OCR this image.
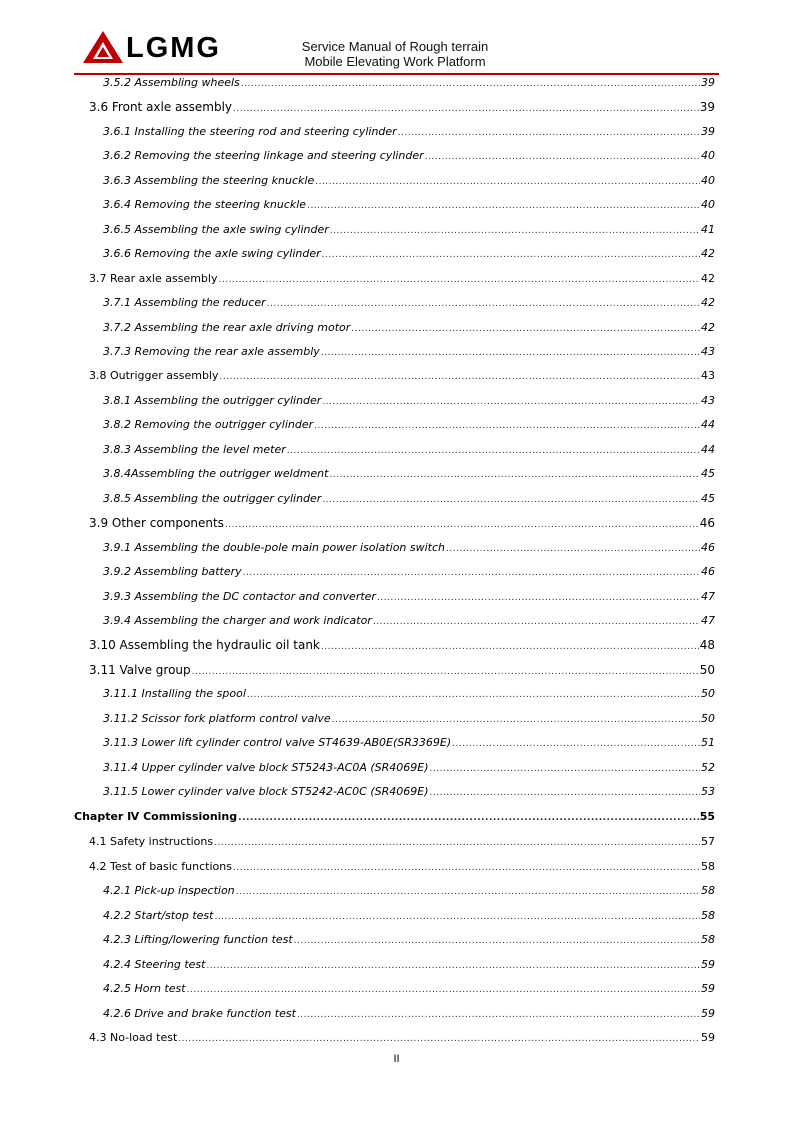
LGMG	Service Manual of Rough terrain
Mobile Elevating Work Platform
3.5.2 Assembling wheels .....	39
3.6 Front axle assembly .....	39
3.6.1 Installing the steering rod and steering cylinder .....	39
3.6.2 Removing the steering linkage and steering cylinder .....	40
3.6.3 Assembling the steering knuckle .....	40
3.6.4 Removing the steering knuckle .....	40
3.6.5 Assembling the axle swing cylinder .....	41
3.6.6 Removing the axle swing cylinder .....	42
3.7 Rear axle assembly .....	42
3.7.1 Assembling the reducer .....	42
3.7.2 Assembling the rear axle driving motor .....	42
3.7.3 Removing the rear axle assembly .....	43
3.8 Outrigger assembly .....	43
3.8.1 Assembling the outrigger cylinder .....	43
3.8.2 Removing the outrigger cylinder .....	44
3.8.3 Assembling the level meter .....	44
3.8.4Assembling the outrigger weldment .....	45
3.8.5 Assembling the outrigger cylinder .....	45
3.9 Other components .....	46
3.9.1 Assembling the double-pole main power isolation switch .....	46
3.9.2 Assembling battery .....	46
3.9.3 Assembling the DC contactor and converter .....	47
3.9.4 Assembling the charger and work indicator .....	47
3.10 Assembling the hydraulic oil tank .....	48
3.11 Valve group .....	50
3.11.1 Installing the spool .....	50
3.11.2 Scissor fork platform control valve .....	50
3.11.3 Lower lift cylinder control valve ST4639-AB0E(SR3369E) .....	51
3.11.4 Upper cylinder valve block ST5243-AC0A (SR4069E) .....	52
3.11.5 Lower cylinder valve block ST5242-AC0C (SR4069E) .....	53
Chapter Ⅳ Commissioning .....	55
4.1 Safety instructions .....	57
4.2 Test of basic functions .....	58
4.2.1 Pick-up inspection .....	58
4.2.2 Start/stop test .....	58
4.2.3 Lifting/lowering function test .....	58
4.2.4 Steering test .....	59
4.2.5 Horn test .....	59
4.2.6 Drive and brake function test .....	59
4.3 No-load test .....	59
II
